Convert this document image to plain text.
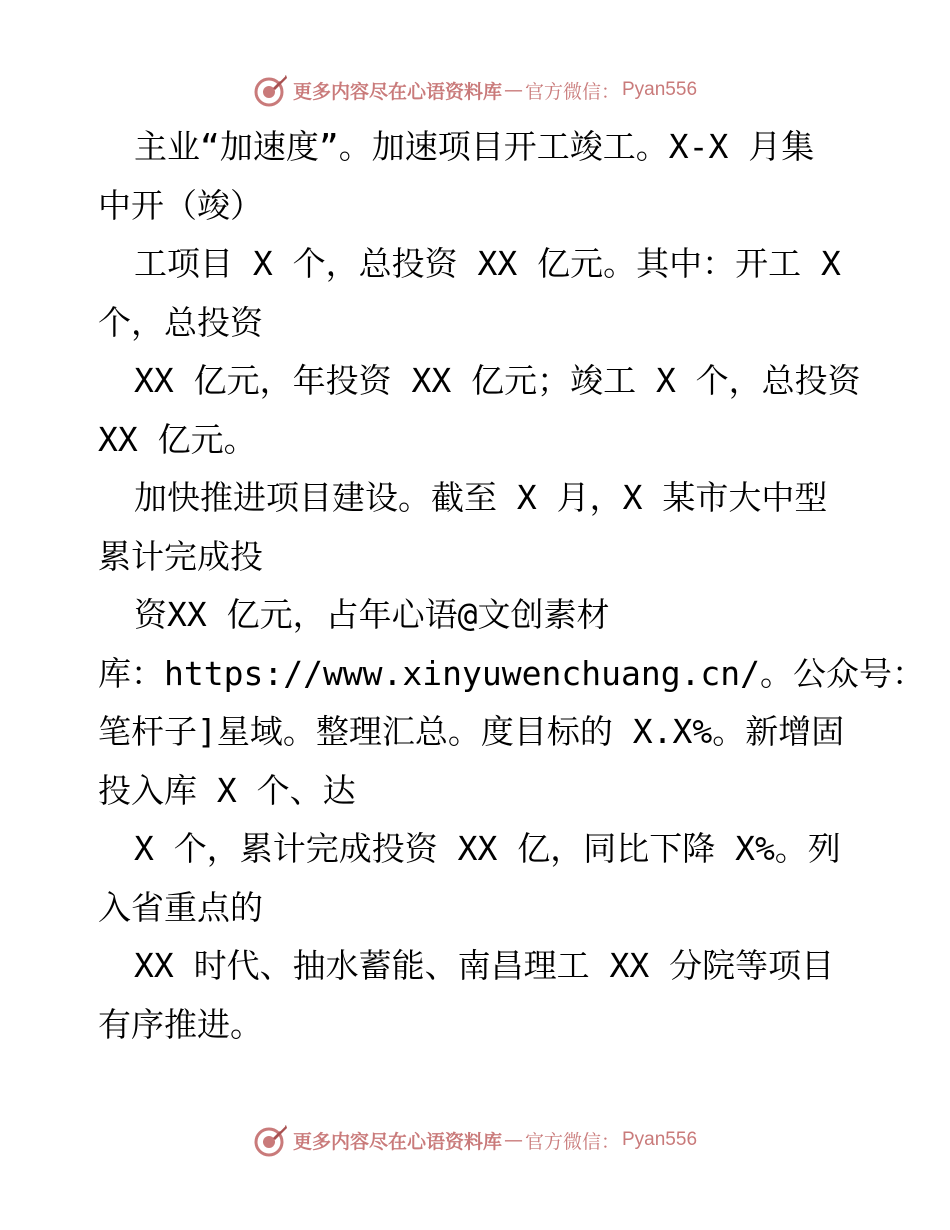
更多内容尽在心语资料库 — 官方微信： Pyan556
主业“加速度”。加速项目开工竣工。X-X 月集
中开（竣）
工项目 X 个，总投资 XX 亿元。其中：开工 X
个，总投资
XX 亿元，年投资 XX 亿元；竣工 X 个，总投资
XX 亿元。
加快推进项目建设。截至 X 月，X 某市大中型
累计完成投
资XX 亿元，占年心语@文创素材
库：https://www.xinyuwenchuang.cn/。公众号：
笔杆子]星域。整理汇总。度目标的 X.X%。新增固
投入库 X 个、达
X 个，累计完成投资 XX 亿，同比下降 X%。列
入省重点的
XX 时代、抽水蓄能、南昌理工 XX 分院等项目
有序推进。
更多内容尽在心语资料库 — 官方微信： Pyan556
